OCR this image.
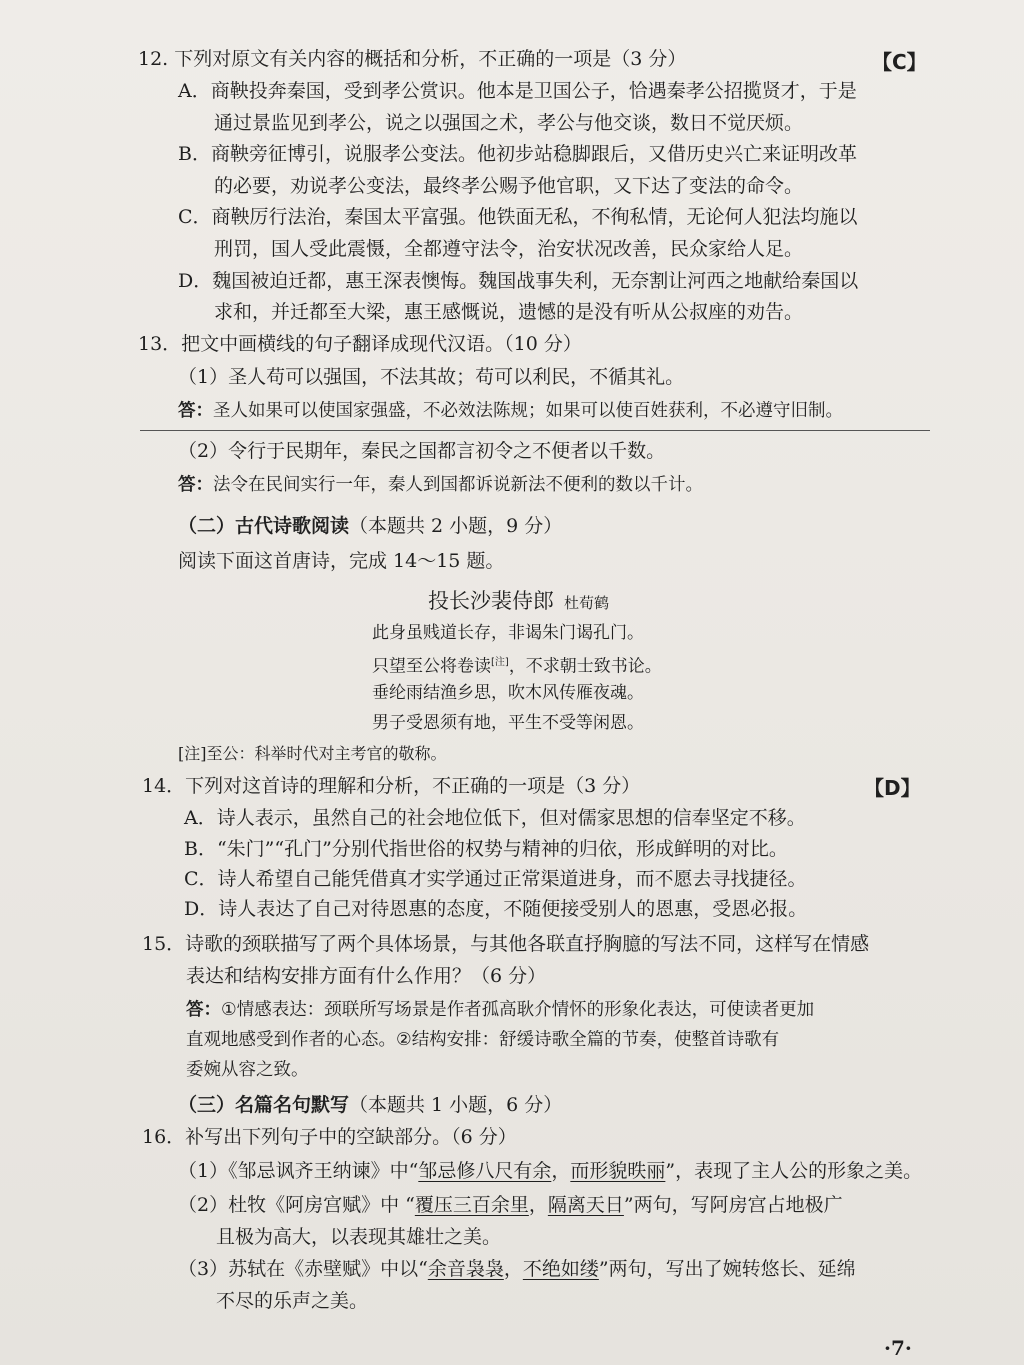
12. 下列对原文有关内容的概括和分析，不正确的一项是（3 分）	【C】
A．商鞅投奔秦国，受到孝公赏识。他本是卫国公子，恰遇秦孝公招揽贤才，于是
通过景监见到孝公，说之以强国之术，孝公与他交谈，数日不觉厌烦。
B．商鞅旁征博引，说服孝公变法。他初步站稳脚跟后，又借历史兴亡来证明改革
的必要，劝说孝公变法，最终孝公赐予他官职，又下达了变法的命令。
C．商鞅厉行法治，秦国太平富强。他铁面无私，不徇私情，无论何人犯法均施以
刑罚，国人受此震慑，全都遵守法令，治安状况改善，民众家给人足。
D．魏国被迫迁都，惠王深表懊悔。魏国战事失利，无奈割让河西之地献给秦国以
求和，并迁都至大梁，惠王感慨说，遗憾的是没有听从公叔座的劝告。
13．把文中画横线的句子翻译成现代汉语。（10 分）
（1）圣人苟可以强国，不法其故；苟可以利民，不循其礼。
答：圣人如果可以使国家强盛，不必效法陈规；如果可以使百姓获利，不必遵守旧制。
（2）令行于民期年，秦民之国都言初令之不便者以千数。
答：法令在民间实行一年，秦人到国都诉说新法不便利的数以千计。
（二）古代诗歌阅读（本题共 2 小题，9 分）
阅读下面这首唐诗，完成 14～15 题。
投长沙裴侍郎 杜荀鹤
此身虽贱道长存，非谒朱门谒孔门。
只望至公将卷读[注]，不求朝士致书论。
垂纶雨结渔乡思，吹木风传雁夜魂。
男子受恩须有地，平生不受等闲恩。
[注]至公：科举时代对主考官的敬称。
14．下列对这首诗的理解和分析，不正确的一项是（3 分）	【D】
A．诗人表示，虽然自己的社会地位低下，但对儒家思想的信奉坚定不移。
B．“朱门”“孔门”分别代指世俗的权势与精神的归依，形成鲜明的对比。
C．诗人希望自己能凭借真才实学通过正常渠道进身，而不愿去寻找捷径。
D．诗人表达了自己对待恩惠的态度，不随便接受别人的恩惠，受恩必报。
15．诗歌的颈联描写了两个具体场景，与其他各联直抒胸臆的写法不同，这样写在情感
表达和结构安排方面有什么作用？（6 分）
答：①情感表达：颈联所写场景是作者孤高耿介情怀的形象化表达，可使读者更加
直观地感受到作者的心态。②结构安排：舒缓诗歌全篇的节奏，使整首诗歌有
委婉从容之致。
（三）名篇名句默写（本题共 1 小题，6 分）
16．补写出下列句子中的空缺部分。（6 分）
（1）《邹忌讽齐王纳谏》中“邹忌修八尺有余，而形貌昳丽”，表现了主人公的形象之美。
（2）杜牧《阿房宫赋》中 “覆压三百余里，隔离天日”两句，写阿房宫占地极广
且极为高大，以表现其雄壮之美。
（3）苏轼在《赤壁赋》中以“余音袅袅，不绝如缕”两句，写出了婉转悠长、延绵
不尽的乐声之美。
·7·
